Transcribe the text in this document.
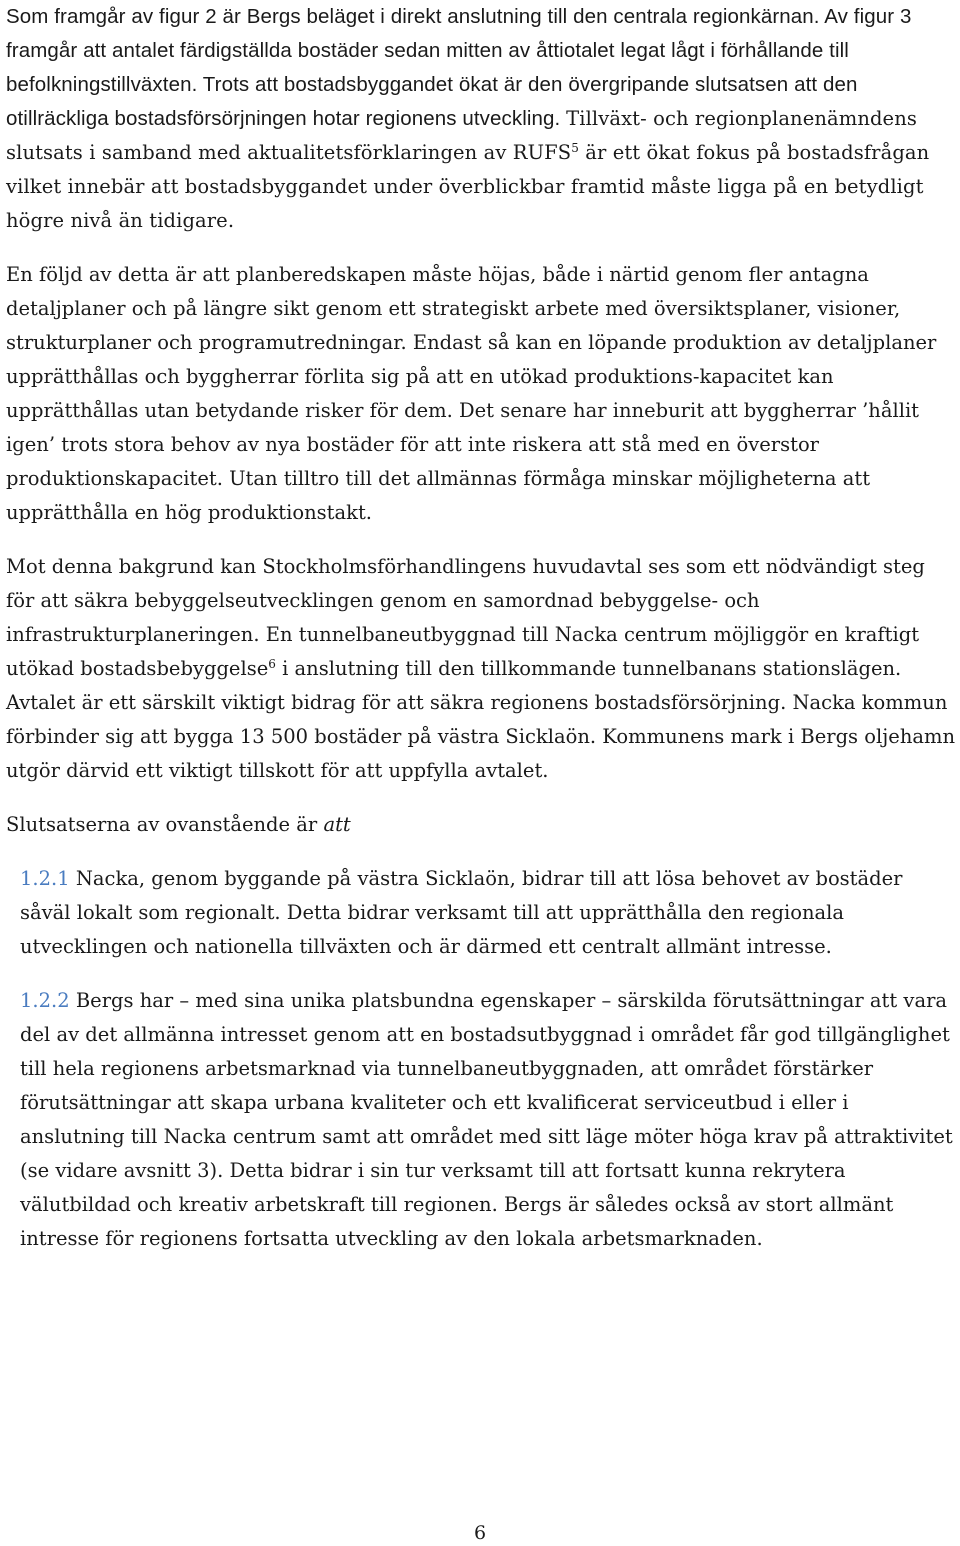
Som framgår av figur 2 är Bergs beläget i direkt anslutning till den centrala regionkärnan. Av figur 3 framgår att antalet färdigställda bostäder sedan mitten av åttiotalet legat lågt i förhållande till befolkningstillväxten. Trots att bostadsbyggandet ökat är den övergripande slutsatsen att den otillräckliga bostadsförsörjningen hotar regionens utveckling. Tillväxt- och regionplanenämndens slutsats i samband med aktualitetsförklaringen av RUFS$^5$ är ett ökat fokus på bostadsfrågan vilket innebär att bostadsbyggandet under överblickbar framtid måste ligga på en betydligt högre nivå än tidigare.

En följd av detta är att planberedskapen måste höjas, både i närtid genom fler antagna detaljplaner och på längre sikt genom ett strategiskt arbete med översiktsplaner, visioner, strukturplaner och programutredningar. Endast så kan en löpande produktion av detaljplaner upprätthållas och byggherrar förlita sig på att en utökad produktions-kapacitet kan upprätthållas utan betydande risker för dem. Det senare har inneburit att byggherrar ’hållit igen’ trots stora behov av nya bostäder för att inte riskera att stå med en överstor produktionskapacitet. Utan tilltro till det allmännas förmåga minskar möjligheterna att upprätthålla en hög produktionstakt.

Mot denna bakgrund kan Stockholmsförhandlingens huvudavtal ses som ett nödvändigt steg för att säkra bebyggelseutvecklingen genom en samordnad bebyggelse- och infrastrukturplaneringen. En tunnelbaneutbyggnad till Nacka centrum möjliggör en kraftigt utökad bostadsbebyggelse$^6$ i anslutning till den tillkommande tunnelbanans stationslägen. Avtalet är ett särskilt viktigt bidrag för att säkra regionens bostadsförsörjning. Nacka kommun förbinder sig att bygga 13 500 bostäder på västra Sicklaön. Kommunens mark i Bergs oljehamn utgör därvid ett viktigt tillskott för att uppfylla avtalet.

Slutsatserna av ovanstående är att

1.2.1 Nacka, genom byggande på västra Sicklaön, bidrar till att lösa behovet av bostäder såväl lokalt som regionalt. Detta bidrar verksamt till att upprätthålla den regionala utvecklingen och nationella tillväxten och är därmed ett centralt allmänt intresse.

1.2.2 Bergs har – med sina unika platsbundna egenskaper – särskilda förutsättningar att vara del av det allmänna intresset genom att en bostadsutbyggnad i området får god tillgänglighet till hela regionens arbetsmarknad via tunnelbaneutbyggnaden, att området förstärker förutsättningar att skapa urbana kvaliteter och ett kvalificerat serviceutbud i eller i anslutning till Nacka centrum samt att området med sitt läge möter höga krav på attraktivitet (se vidare avsnitt 3). Detta bidrar i sin tur verksamt till att fortsatt kunna rekrytera välutbildad och kreativ arbetskraft till regionen. Bergs är således också av stort allmänt intresse för regionens fortsatta utveckling av den lokala arbetsmarknaden.

6
